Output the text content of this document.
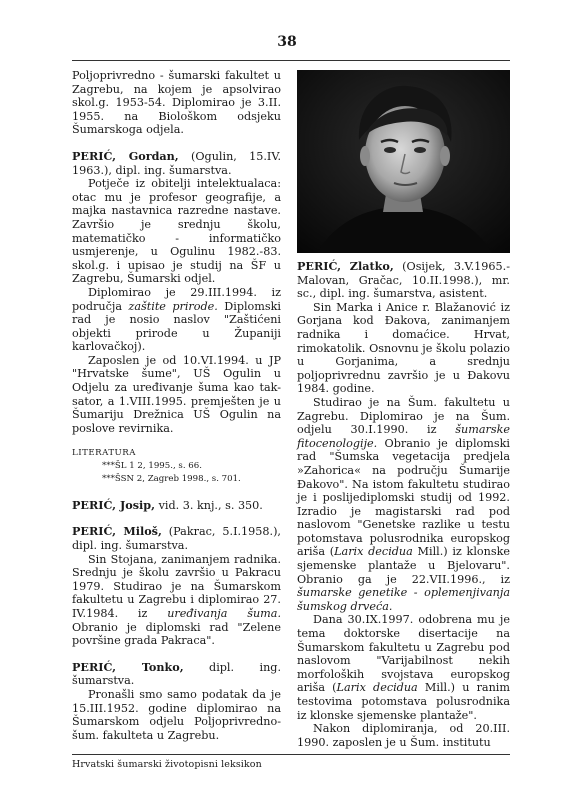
38

Poljoprivredno - šumarski fakultet u Zagrebu, na kojem je apsolvirao skol.g. 1953-54. Diplomirao je 3.II. 1955. na Biološkom odsjeku Šumarskoga odjela.

PERIĆ, Gordan, (Ogulin, 15.IV. 1963.), dipl. ing. šumarstva.

Potječe iz obitelji intelektualaca: otac mu je profesor geografije, a majka nastavnica razredne nastave. Završio je srednju školu, matematičko - informatičko usmjerenje, u Ogulinu 1982.-83. skol.g. i upisao je studij na ŠF u Zagrebu, Šumarski odjel.

Diplomirao je 29.III.1994. iz područja zaštite prirode. Diplomski rad je nosio naslov "Zaštićeni objekti prirode u Županiji karlovačkoj).

Zaposlen je od 10.VI.1994. u JP "Hrvatske šume", UŠ Ogulin u Odjelu za uređivanje šuma kao tak-sator, a 1.VIII.1995. premješten je u Šumariju Drežnica UŠ Ogulin na poslove revirnika.

LITERATURA
***ŠL 1 2, 1995., s. 66.
***ŠSN 2, Zagreb 1998., s. 701.

PERIĆ, Josip, vid. 3. knj., s. 350.

PERIĆ, Miloš, (Pakrac, 5.I.1958.), dipl. ing. šumarstva.

Sin Stojana, zanimanjem radnika. Srednju je školu završio u Pakracu 1979. Studirao je na Šumarskom fakultetu u Zagrebu i diplomirao 27. IV.1984. iz uređivanja šuma. Obranio je diplomski rad "Zelene površine grada Pakraca".

PERIĆ, Tonko, dipl. ing. šumarstva.

Pronašli smo samo podatak da je 15.III.1952. godine diplomirao na Šumarskom odjelu Poljoprivredno-šum. fakulteta u Zagrebu.

PERIĆ, Zlatko, (Osijek, 3.V.1965.- Malovan, Gračac, 10.II.1998.), mr. sc., dipl. ing. šumarstva, asistent.

Sin Marka i Anice r. Blažanović iz Gorjana kod Đakova, zanimanjem radnika i domaćice. Hrvat, rimokatolik. Osnovnu je školu polazio u Gorjanima, a srednju poljoprivrednu završio je u Đakovu 1984. godine.

Studirao je na Šum. fakultetu u Zagrebu. Diplomirao je na Šum. odjelu 30.I.1990. iz šumarske fitocenologije. Obranio je diplomski rad "Šumska vegetacija predjela »Zahorica« na području Šumarije Đakovo". Na istom fakultetu studirao je i poslijediplomski studij od 1992. Izradio je magistarski rad pod naslovom "Genetske razlike u testu potomstava polusrodnika europskog ariša (Larix decidua Mill.) iz klonske sjemenske plantaže u Bjelovaru". Obranio ga je 22.VII.1996., iz šumarske genetike - oplemenjivanja šumskog drveća.

Dana 30.IX.1997. odobrena mu je tema doktorske disertacije na Šumarskom fakultetu u Zagrebu pod naslovom "Varijabilnost nekih morfoloških svojstava europskog ariša (Larix decidua Mill.) u ranim testovima potomstava polusrodnika iz klonske sjemenske plantaže".

Nakon diplomiranja, od 20.III. 1990. zaposlen je u Šum. institutu

Hrvatski šumarski životopisni leksikon
